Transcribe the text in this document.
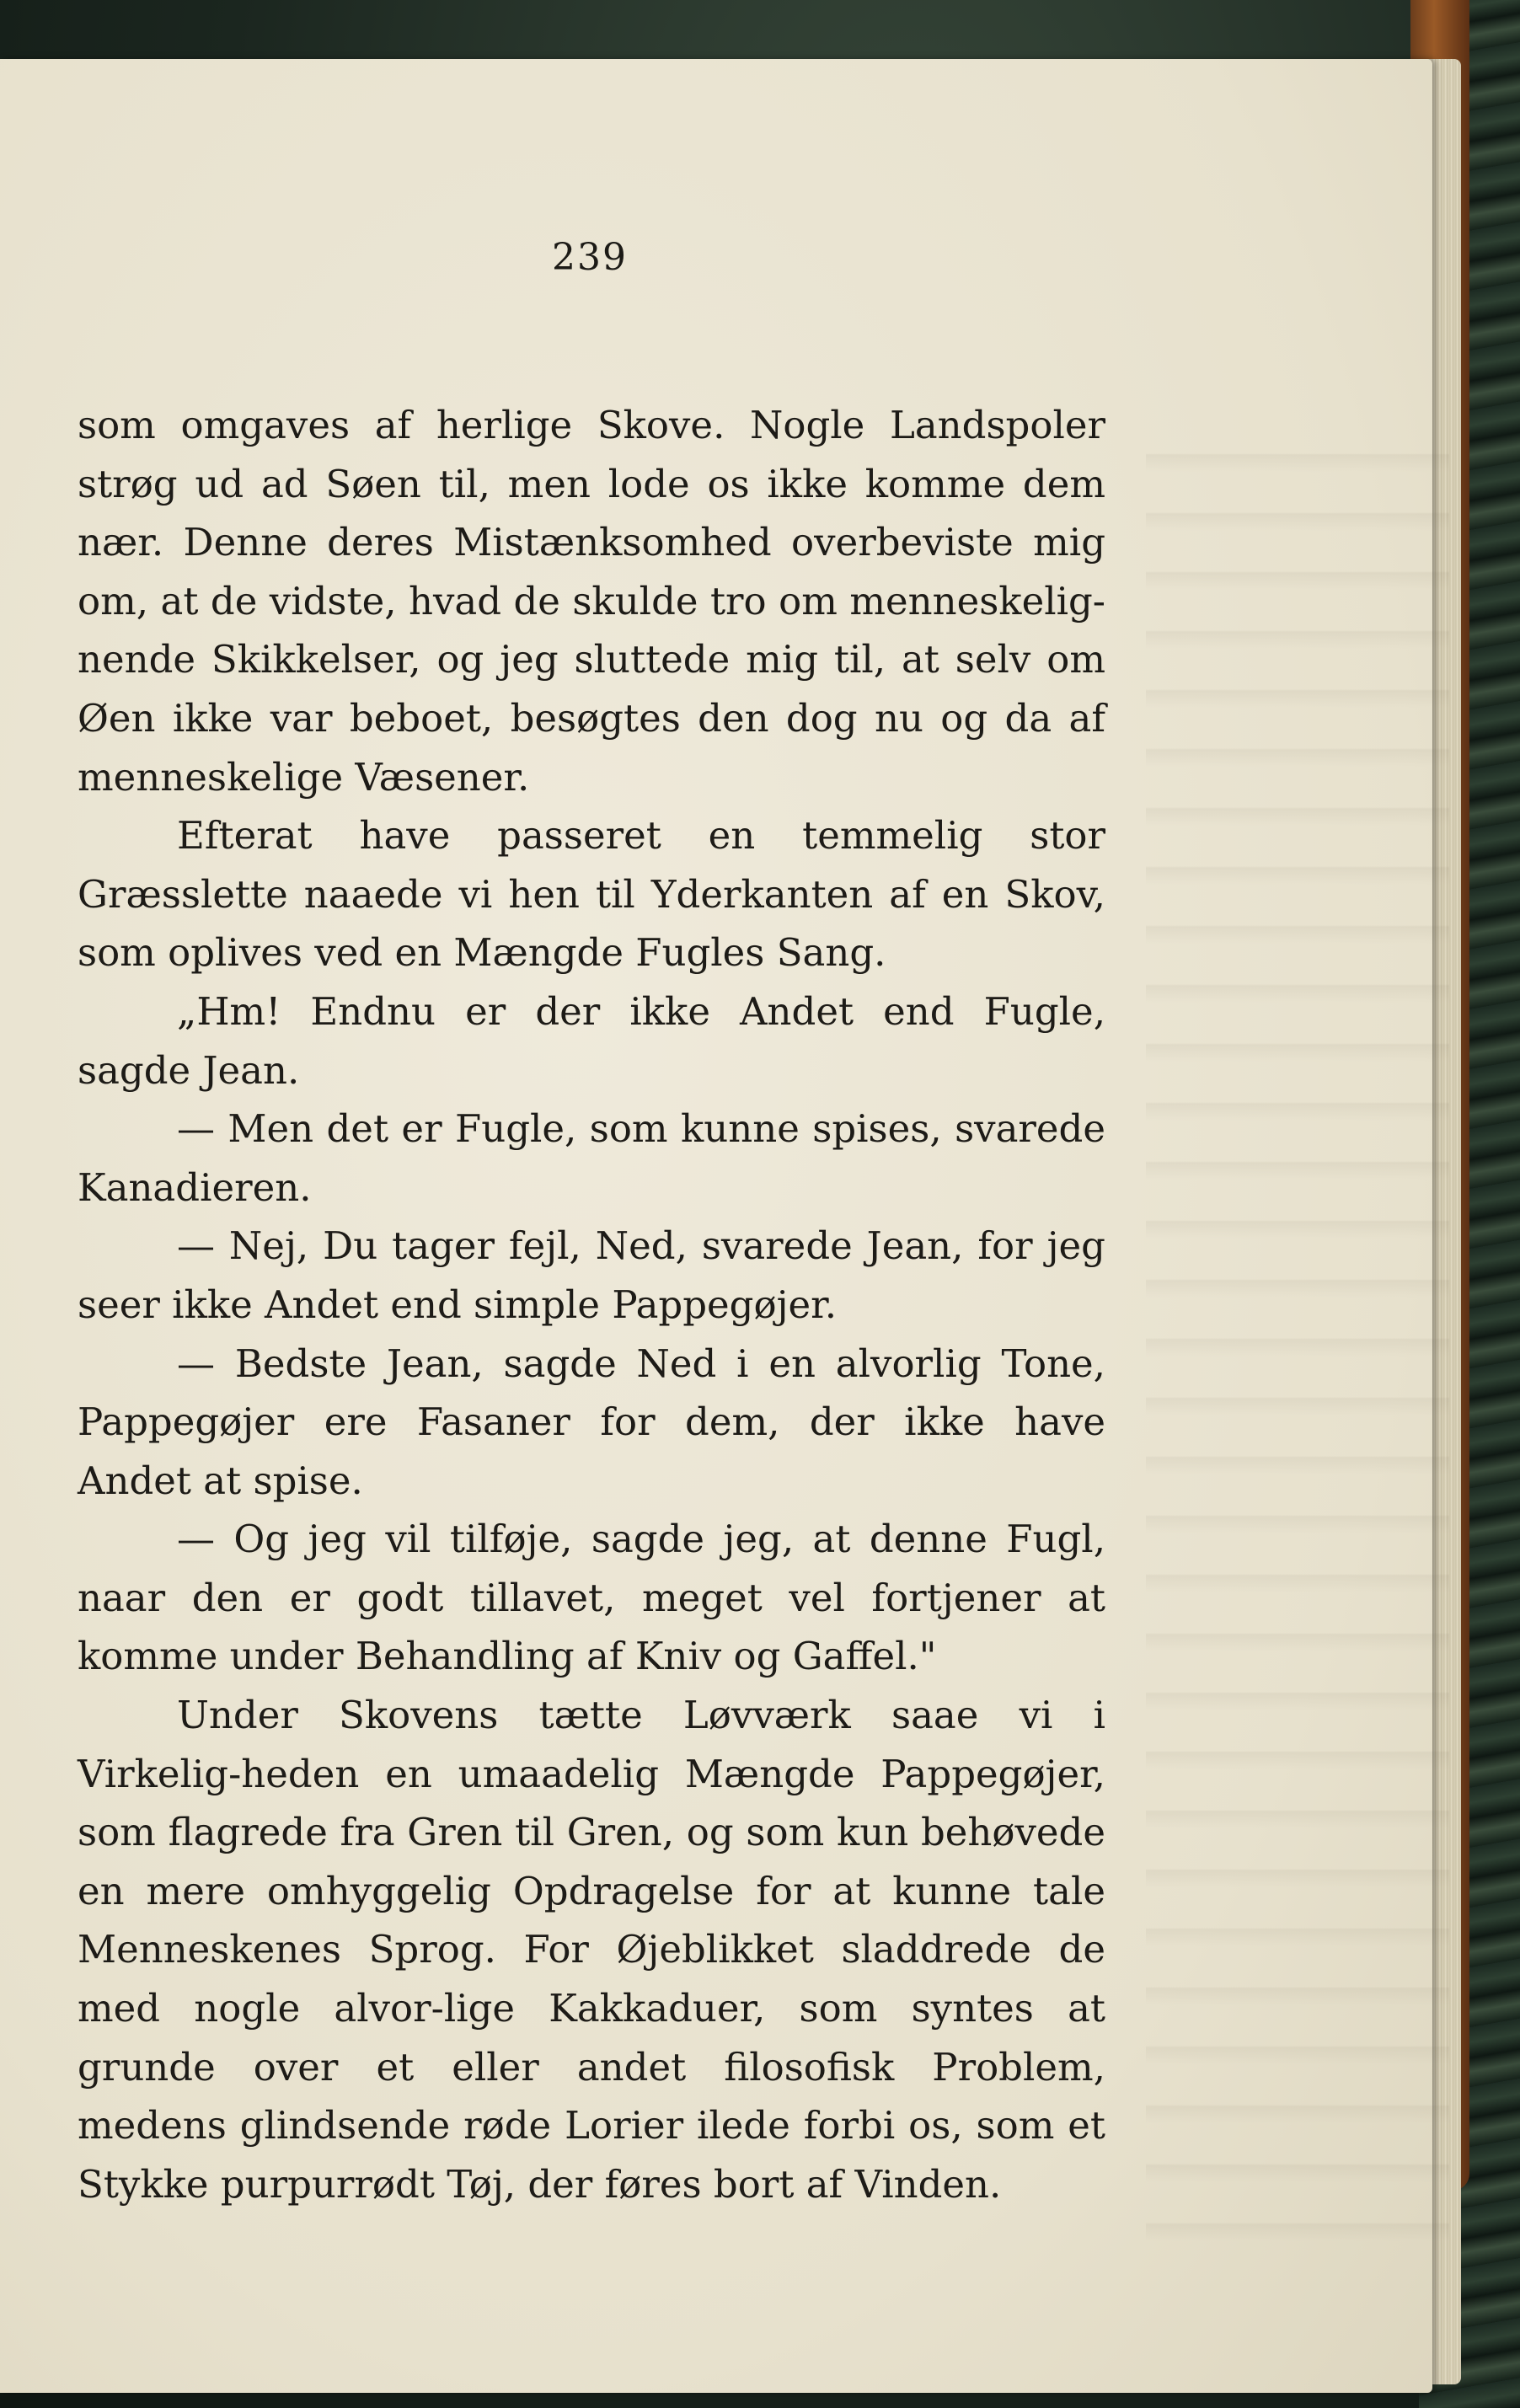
239

som omgaves af herlige Skove. Nogle Landspoler strøg ud ad Søen til, men lode os ikke komme dem nær. Denne deres Mistænksomhed overbeviste mig om, at de vidste, hvad de skulde tro om menneskelig-nende Skikkelser, og jeg sluttede mig til, at selv om Øen ikke var beboet, besøgtes den dog nu og da af menneskelige Væsener.

Efterat have passeret en temmelig stor Græsslette naaede vi hen til Yderkanten af en Skov, som oplives ved en Mængde Fugles Sang.

„Hm! Endnu er der ikke Andet end Fugle, sagde Jean.

— Men det er Fugle, som kunne spises, svarede Kanadieren.

— Nej, Du tager fejl, Ned, svarede Jean, for jeg seer ikke Andet end simple Pappegøjer.

— Bedste Jean, sagde Ned i en alvorlig Tone, Pappegøjer ere Fasaner for dem, der ikke have Andet at spise.

— Og jeg vil tilføje, sagde jeg, at denne Fugl, naar den er godt tillavet, meget vel fortjener at komme under Behandling af Kniv og Gaffel."

Under Skovens tætte Løvværk saae vi i Virkelig-heden en umaadelig Mængde Pappegøjer, som flagrede fra Gren til Gren, og som kun behøvede en mere omhyggelig Opdragelse for at kunne tale Menneskenes Sprog. For Øjeblikket sladdrede de med nogle alvor-lige Kakkaduer, som syntes at grunde over et eller andet filosofisk Problem, medens glindsende røde Lorier ilede forbi os, som et Stykke purpurrødt Tøj, der føres bort af Vinden.
